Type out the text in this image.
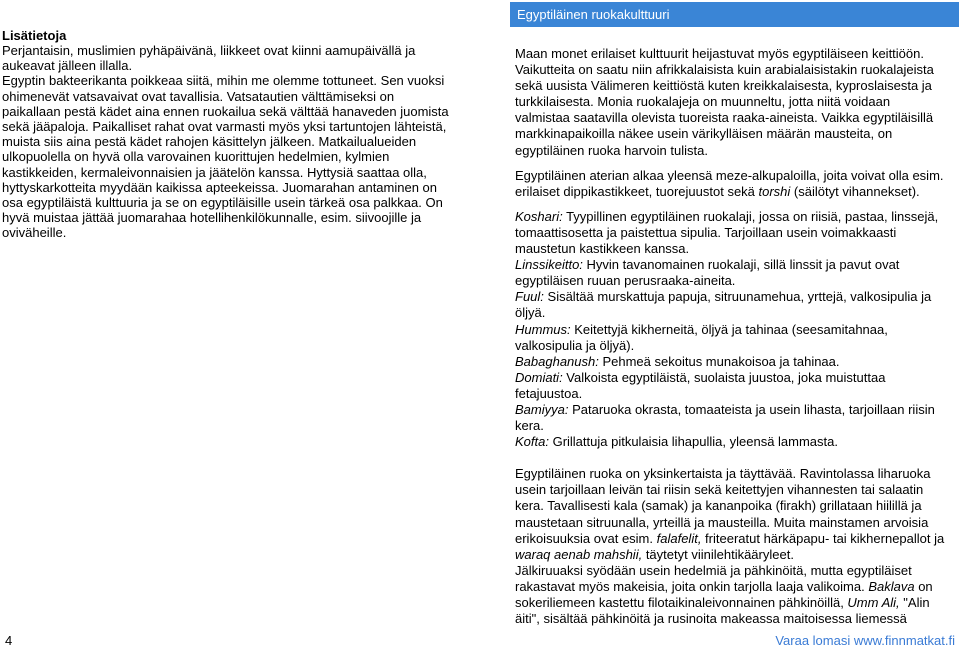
Lisätietoja

Perjantaisin, muslimien pyhäpäivänä, liikkeet ovat kiinni aamupäivällä ja aukeavat jälleen illalla.

Egyptin bakteerikanta poikkeaa siitä, mihin me olemme tottuneet. Sen vuoksi ohimenevät vatsavaivat ovat tavallisia. Vatsatautien välttämiseksi on paikallaan pestä kädet aina ennen ruokailua sekä välttää hanaveden juomista sekä jääpaloja. Paikalliset rahat ovat varmasti myös yksi tartuntojen lähteistä, muista siis aina pestä kädet rahojen käsittelyn jälkeen. Matkailualueiden ulkopuolella on hyvä olla varovainen kuorittujen hedelmien, kylmien kastikkeiden, kermaleivonnaisien ja jäätelön kanssa. Hyttysiä saattaa olla, hyttyskarkotteita myydään kaikissa apteekeissa. Juomarahan antaminen on osa egyptiläistä kulttuuria ja se on egyptiläisille usein tärkeä osa palkkaa. On hyvä muistaa jättää juomarahaa hotellihenkilökunnalle, esim. siivoojille ja oviväheille.

Egyptiläinen ruokakulttuuri

Maan monet erilaiset kulttuurit heijastuvat myös egyptiläiseen keittiöön. Vaikutteita on saatu niin afrikkalaisista kuin arabialaisistakin ruokalajeista sekä uusista Välimeren keittiöstä kuten kreikkalaisesta, kyproslaisesta ja turkkilaisesta. Monia ruokalajeja on muunneltu, jotta niitä voidaan valmistaa saatavilla olevista tuoreista raaka-aineista. Vaikka egyptiläisillä markkinapaikoilla näkee usein värikylläisen määrän mausteita, on egyptiläinen ruoka harvoin tulista.

Egyptiläinen aterian alkaa yleensä meze-alkupaloilla, joita voivat olla esim. erilaiset dippikastikkeet, tuorejuustot sekä torshi (säilötyt vihannekset).

Koshari: Tyypillinen egyptiläinen ruokalaji, jossa on riisiä, pastaa, linssejä, tomaattisosetta ja paistettua sipulia. Tarjoillaan usein voimakkaasti maustetun kastikkeen kanssa.

Linssikeitto: Hyvin tavanomainen ruokalaji, sillä linssit ja pavut ovat egyptiläisen ruuan perusraaka-aineita.

Fuul: Sisältää murskattuja papuja, sitruunamehua, yrttejä, valkosipulia ja öljyä.

Hummus: Keitettyjä kikherneitä, öljyä ja tahinaa (seesamitahnaa, valkosipulia ja öljyä).

Babaghanush: Pehmeä sekoitus munakoisoa ja tahinaa.

Domiati: Valkoista egyptiläistä, suolaista juustoa, joka muistuttaa fetajuustoa.

Bamiyya: Pataruoka okrasta, tomaateista ja usein lihasta, tarjoillaan riisin kera.

Kofta: Grillattuja pitkulaisia lihapullia, yleensä lammasta.

Egyptiläinen ruoka on yksinkertaista ja täyttävää. Ravintolassa liharuoka usein tarjoillaan leivän tai riisin sekä keitettyjen vihannesten tai salaatin kera. Tavallisesti kala (samak) ja kananpoika (firakh) grillataan hiilillä ja maustetaan sitruunalla, yrteillä ja mausteilla. Muita mainstamen arvoisia erikoisuuksia ovat esim. falafelit, friteeratut härkäpapu- tai kikhernepallot ja waraq aenab mahshii, täytetyt viinilehtikääryleet.

Jälkiruuaksi syödään usein hedelmiä ja pähkinöitä, mutta egyptiläiset rakastavat myös makeisia, joita onkin tarjolla laaja valikoima. Baklava on sokeriliemeen kastettu filotaikinaleivonnainen pähkinöillä, Umm Ali, "Alin äiti", sisältää pähkinöitä ja rusinoita makeassa maitoisessa liemessä

4	Varaa lomasi www.finnmatkat.fi
